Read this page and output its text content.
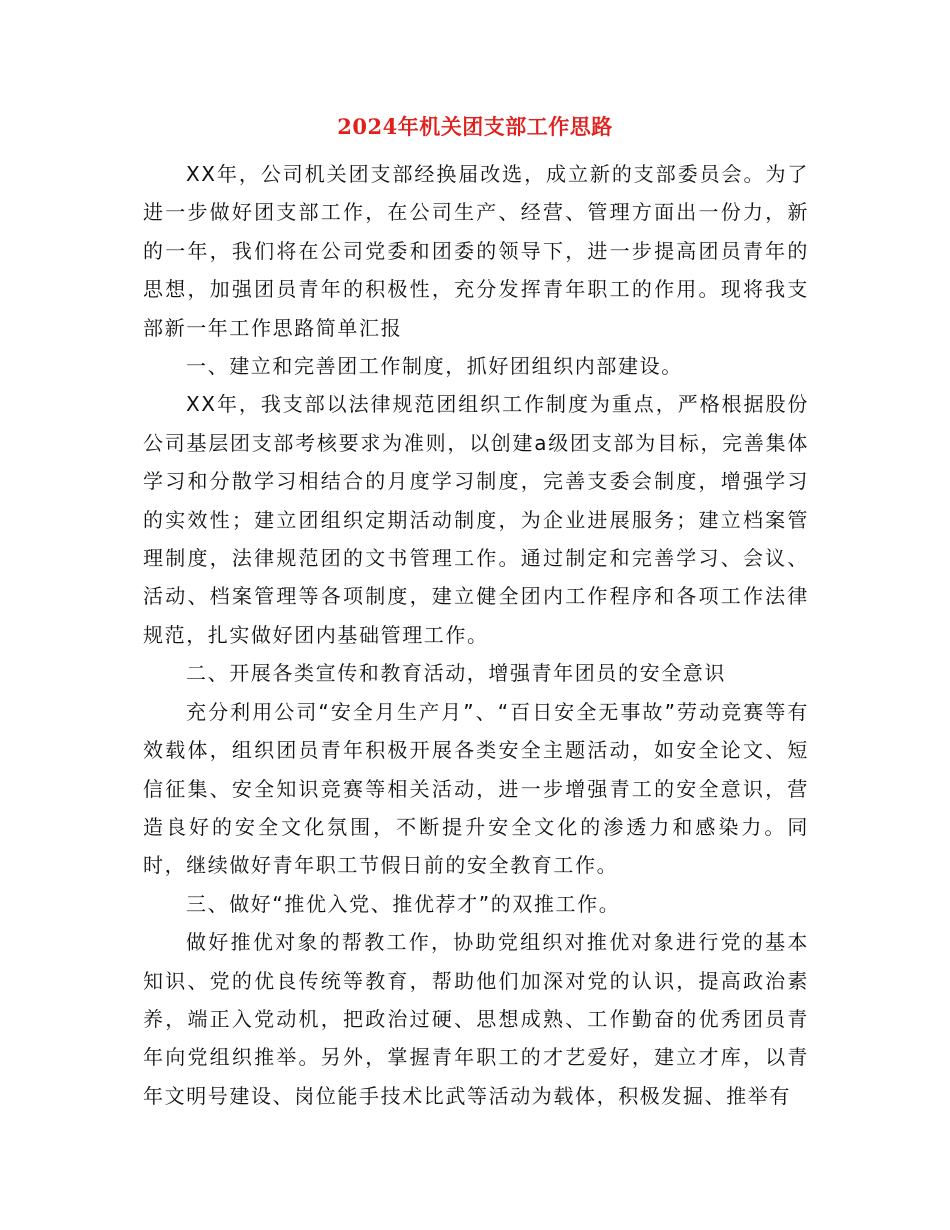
2024年机关团支部工作思路

XX年，公司机关团支部经换届改选，成立新的支部委员会。为了进一步做好团支部工作，在公司生产、经营、管理方面出一份力，新的一年，我们将在公司党委和团委的领导下，进一步提高团员青年的思想，加强团员青年的积极性，充分发挥青年职工的作用。现将我支部新一年工作思路简单汇报

一、建立和完善团工作制度，抓好团组织内部建设。

XX年，我支部以法律规范团组织工作制度为重点，严格根据股份公司基层团支部考核要求为准则，以创建a级团支部为目标，完善集体学习和分散学习相结合的月度学习制度，完善支委会制度，增强学习的实效性；建立团组织定期活动制度，为企业进展服务；建立档案管理制度，法律规范团的文书管理工作。通过制定和完善学习、会议、活动、档案管理等各项制度，建立健全团内工作程序和各项工作法律规范，扎实做好团内基础管理工作。

二、开展各类宣传和教育活动，增强青年团员的安全意识

充分利用公司“安全月生产月”、“百日安全无事故”劳动竞赛等有效载体，组织团员青年积极开展各类安全主题活动，如安全论文、短信征集、安全知识竞赛等相关活动，进一步增强青工的安全意识，营造良好的安全文化氛围，不断提升安全文化的渗透力和感染力。同时，继续做好青年职工节假日前的安全教育工作。

三、做好“推优入党、推优荐才”的双推工作。

做好推优对象的帮教工作，协助党组织对推优对象进行党的基本知识、党的优良传统等教育，帮助他们加深对党的认识，提高政治素养，端正入党动机，把政治过硬、思想成熟、工作勤奋的优秀团员青年向党组织推举。另外，掌握青年职工的才艺爱好，建立才库，以青年文明号建设、岗位能手技术比武等活动为载体，积极发掘、推举有
